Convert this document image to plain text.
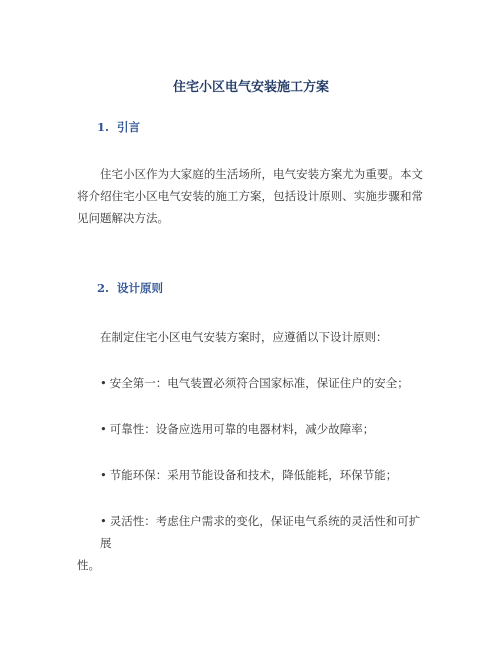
住宅小区电气安装施工方案
1. 引言
住宅小区作为大家庭的生活场所，电气安装方案尤为重要。本文将介绍住宅小区电气安装的施工方案，包括设计原则、实施步骤和常见问题解决方法。
2. 设计原则
在制定住宅小区电气安装方案时，应遵循以下设计原则：
• 安全第一：电气装置必须符合国家标准，保证住户的安全；
• 可靠性：设备应选用可靠的电器材料，减少故障率；
• 节能环保：采用节能设备和技术，降低能耗，环保节能；
• 灵活性：考虑住户需求的变化，保证电气系统的灵活性和可扩展
性。
